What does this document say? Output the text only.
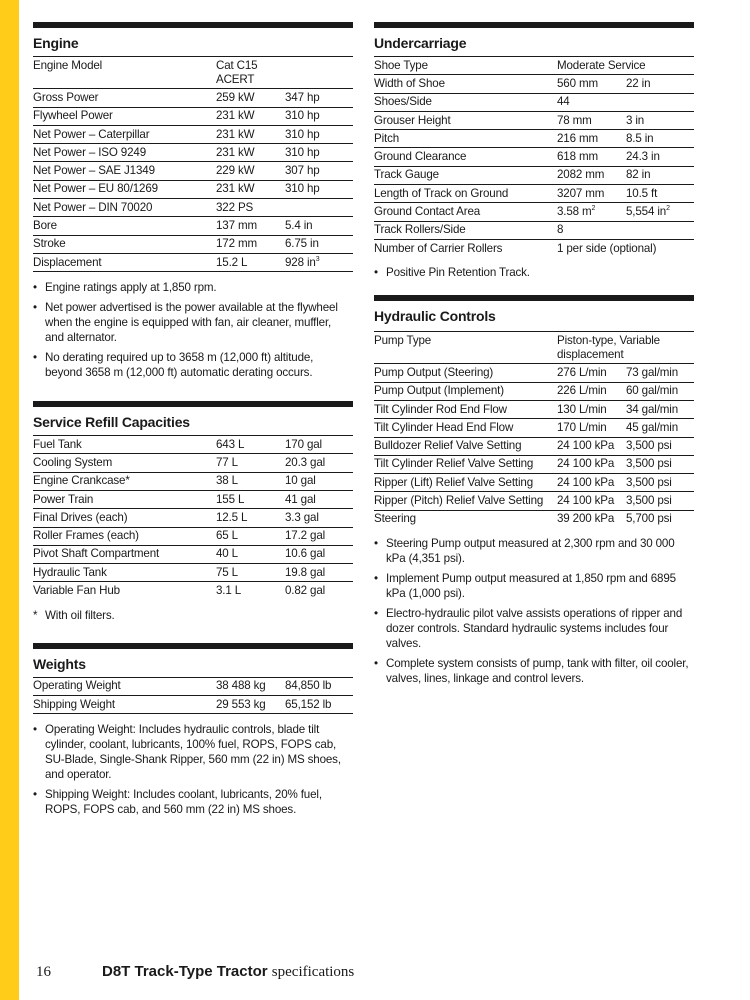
Engine
Engine Model	Cat C15 ACERT
Gross Power	259 kW	347 hp
Flywheel Power	231 kW	310 hp
Net Power – Caterpillar	231 kW	310 hp
Net Power – ISO 9249	231 kW	310 hp
Net Power – SAE J1349	229 kW	307 hp
Net Power – EU 80/1269	231 kW	310 hp
Net Power – DIN 70020	322 PS
Bore	137 mm	5.4 in
Stroke	172 mm	6.75 in
Displacement	15.2 L	928 $in^3$
• Engine ratings apply at 1,850 rpm.
• Net power advertised is the power available at the flywheel when the engine is equipped with fan, air cleaner, muffler, and alternator.
• No derating required up to 3658 m (12,000 ft) altitude, beyond 3658 m (12,000 ft) automatic derating occurs.
Service Refill Capacities
Fuel Tank	643 L	170 gal
Cooling System	77 L	20.3 gal
Engine Crankcase*	38 L	10 gal
Power Train	155 L	41 gal
Final Drives (each)	12.5 L	3.3 gal
Roller Frames (each)	65 L	17.2 gal
Pivot Shaft Compartment	40 L	10.6 gal
Hydraulic Tank	75 L	19.8 gal
Variable Fan Hub	3.1 L	0.82 gal
* With oil filters.
Weights
Operating Weight	38 488 kg	84,850 lb
Shipping Weight	29 553 kg	65,152 lb
• Operating Weight: Includes hydraulic controls, blade tilt cylinder, coolant, lubricants, 100% fuel, ROPS, FOPS cab, SU-Blade, Single-Shank Ripper, 560 mm (22 in) MS shoes, and operator.
• Shipping Weight: Includes coolant, lubricants, 20% fuel, ROPS, FOPS cab, and 560 mm (22 in) MS shoes.
Undercarriage
Shoe Type	Moderate Service
Width of Shoe	560 mm	22 in
Shoes/Side	44
Grouser Height	78 mm	3 in
Pitch	216 mm	8.5 in
Ground Clearance	618 mm	24.3 in
Track Gauge	2082 mm	82 in
Length of Track on Ground	3207 mm	10.5 ft
Ground Contact Area	3.58 $m^2$	5,554 $in^2$
Track Rollers/Side	8
Number of Carrier Rollers	1 per side (optional)
• Positive Pin Retention Track.
Hydraulic Controls
Pump Type	Piston-type, Variable displacement
Pump Output (Steering)	276 L/min	73 gal/min
Pump Output (Implement)	226 L/min	60 gal/min
Tilt Cylinder Rod End Flow	130 L/min	34 gal/min
Tilt Cylinder Head End Flow	170 L/min	45 gal/min
Bulldozer Relief Valve Setting	24 100 kPa	3,500 psi
Tilt Cylinder Relief Valve Setting	24 100 kPa	3,500 psi
Ripper (Lift) Relief Valve Setting	24 100 kPa	3,500 psi
Ripper (Pitch) Relief Valve Setting	24 100 kPa	3,500 psi
Steering	39 200 kPa	5,700 psi
• Steering Pump output measured at 2,300 rpm and 30 000 kPa (4,351 psi).
• Implement Pump output measured at 1,850 rpm and 6895 kPa (1,000 psi).
• Electro-hydraulic pilot valve assists operations of ripper and dozer controls. Standard hydraulic systems includes four valves.
• Complete system consists of pump, tank with filter, oil cooler, valves, lines, linkage and control levers.
16	D8T Track-Type Tractor specifications
